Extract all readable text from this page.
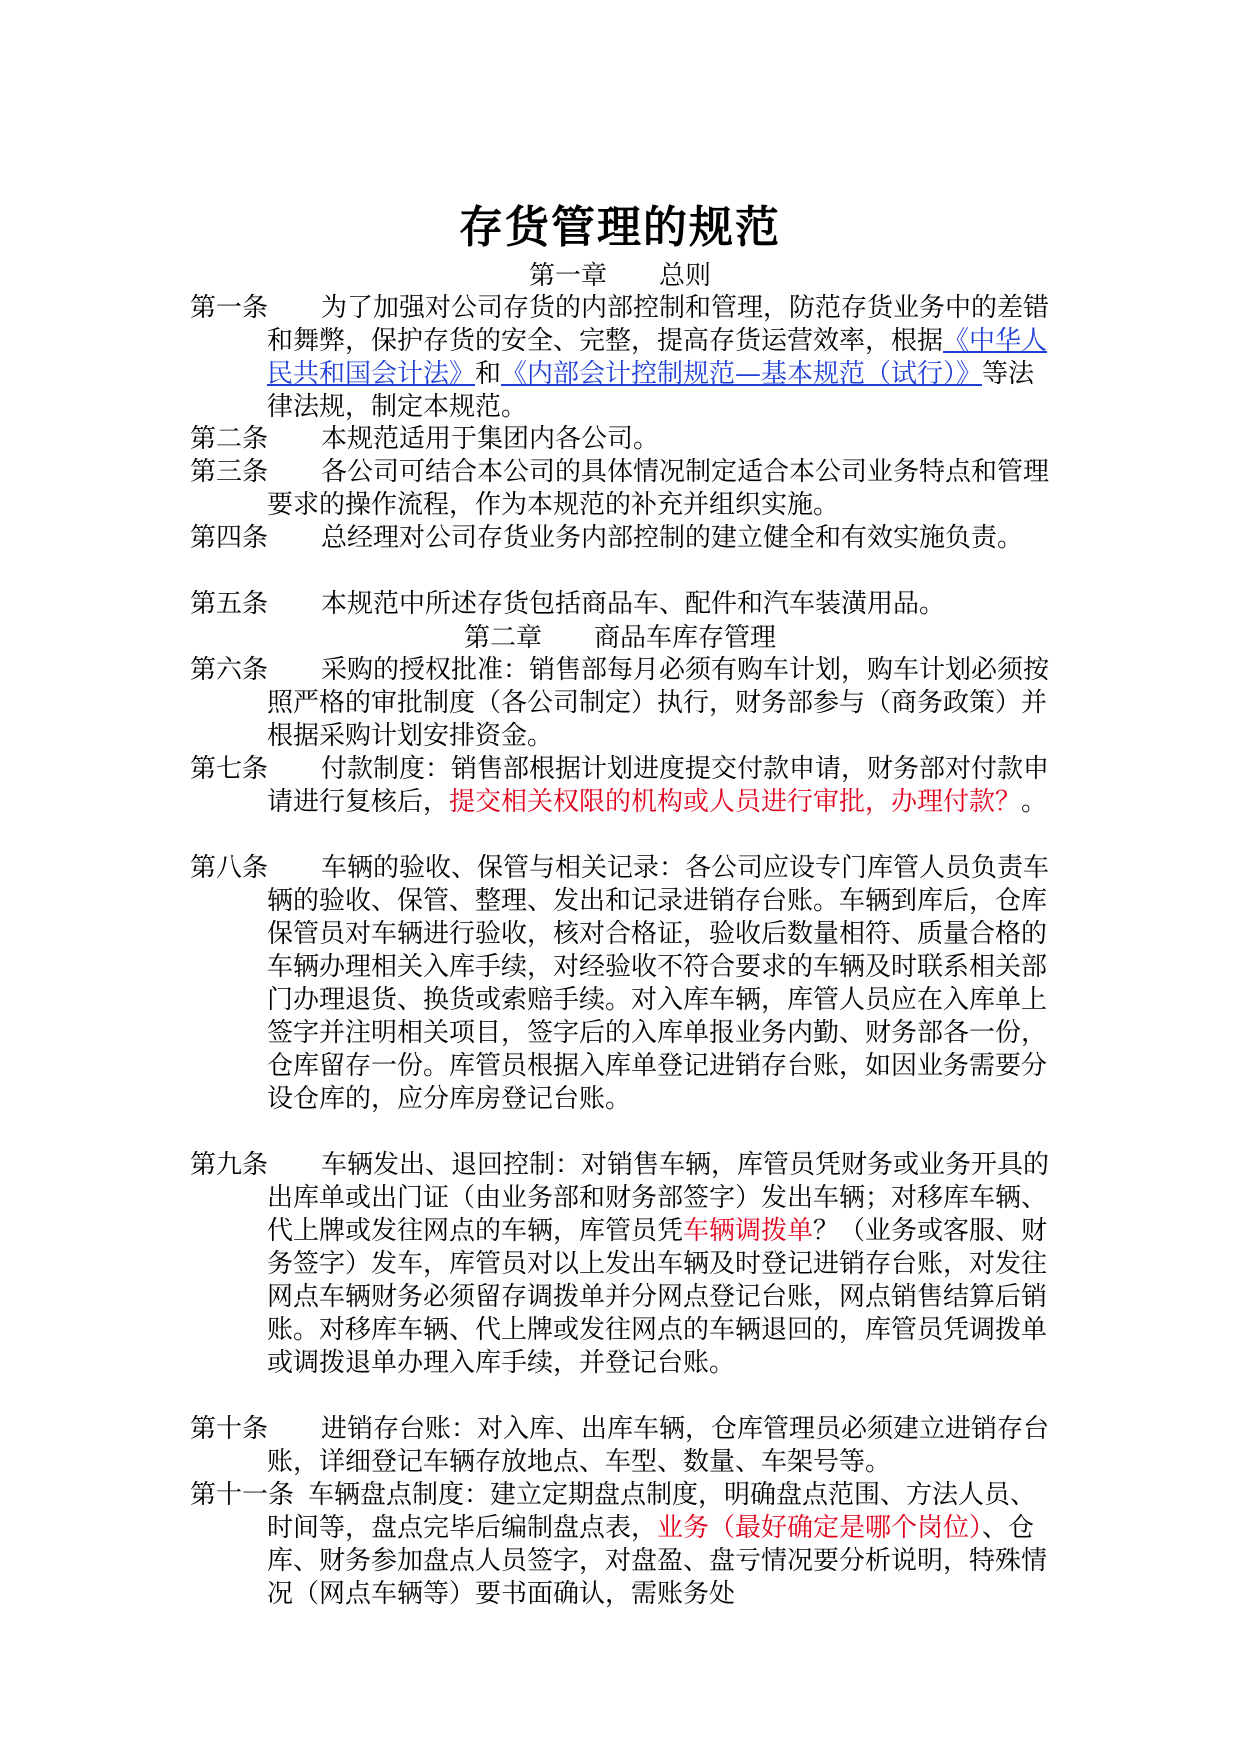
存货管理的规范
第一章　　总则
第一条	为了加强对公司存货的内部控制和管理，防范存货业务中的差错和舞弊，保护存货的安全、完整，提高存货运营效率，根据《中华人民共和国会计法》和《内部会计控制规范—基本规范（试行）》等法律法规，制定本规范。
第二条	本规范适用于集团内各公司。
第三条	各公司可结合本公司的具体情况制定适合本公司业务特点和管理要求的操作流程，作为本规范的补充并组织实施。
第四条	总经理对公司存货业务内部控制的建立健全和有效实施负责。
第五条	本规范中所述存货包括商品车、配件和汽车装潢用品。
第二章　　商品车库存管理
第六条	采购的授权批准：销售部每月必须有购车计划，购车计划必须按照严格的审批制度（各公司制定）执行，财务部参与（商务政策）并根据采购计划安排资金。
第七条	付款制度：销售部根据计划进度提交付款申请，财务部对付款申请进行复核后，提交相关权限的机构或人员进行审批，办理付款？。
第八条	车辆的验收、保管与相关记录：各公司应设专门库管人员负责车辆的验收、保管、整理、发出和记录进销存台账。车辆到库后，仓库保管员对车辆进行验收，核对合格证，验收后数量相符、质量合格的车辆办理相关入库手续，对经验收不符合要求的车辆及时联系相关部门办理退货、换货或索赔手续。对入库车辆，库管人员应在入库单上签字并注明相关项目，签字后的入库单报业务内勤、财务部各一份，仓库留存一份。库管员根据入库单登记进销存台账，如因业务需要分设仓库的，应分库房登记台账。
第九条	车辆发出、退回控制：对销售车辆，库管员凭财务或业务开具的出库单或出门证（由业务部和财务部签字）发出车辆；对移库车辆、代上牌或发往网点的车辆，库管员凭车辆调拨单？（业务或客服、财务签字）发车，库管员对以上发出车辆及时登记进销存台账，对发往网点车辆财务必须留存调拨单并分网点登记台账，网点销售结算后销账。对移库车辆、代上牌或发往网点的车辆退回的，库管员凭调拨单或调拨退单办理入库手续，并登记台账。
第十条	进销存台账：对入库、出库车辆，仓库管理员必须建立进销存台账，详细登记车辆存放地点、车型、数量、车架号等。
第十一条 车辆盘点制度：建立定期盘点制度，明确盘点范围、方法人员、时间等，盘点完毕后编制盘点表，业务（最好确定是哪个岗位）、仓库、财务参加盘点人员签字，对盘盈、盘亏情况要分析说明，特殊情况（网点车辆等）要书面确认，需账务处
